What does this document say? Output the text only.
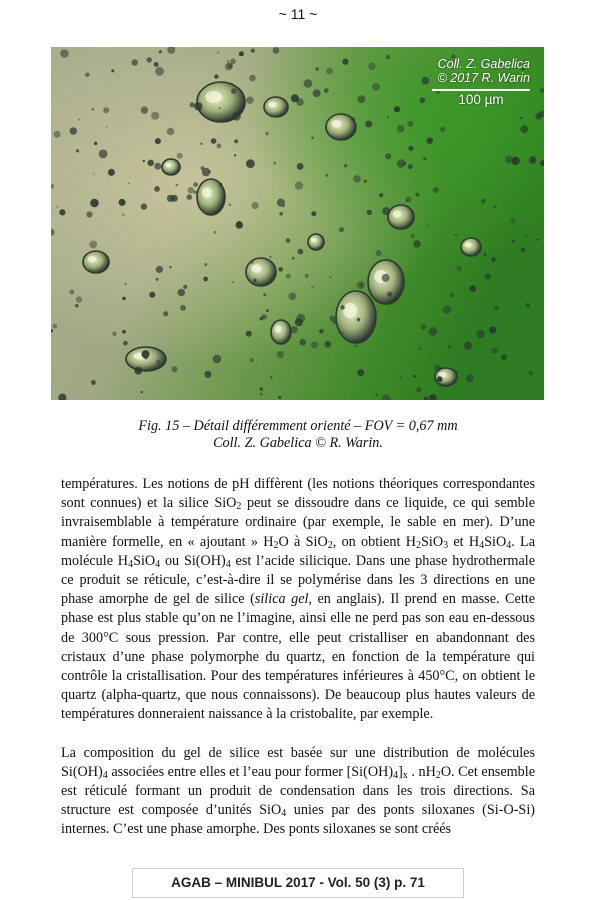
~ 11 ~
Coll. Z. Gabelica
© 2017 R. Warin
100 µm
Fig. 15 – Détail différemment orienté – FOV = 0,67 mm
Coll. Z. Gabelica © R. Warin.

températures. Les notions de pH diffèrent (les notions théoriques correspondantes sont connues) et la silice SiO$_2$ peut se dissoudre dans ce liquide, ce qui semble invraisemblable à température ordinaire (par exemple, le sable en mer). D’une manière formelle, en « ajoutant » $H_2O$ à SiO$_2$, on obtient $H_2SiO_3$ et $H_4SiO_4$. La molécule $H_4SiO_4$ ou $Si(OH)_4$ est l’acide silicique. Dans une phase hydrothermale ce produit se réticule, c’est-à-dire il se polymérise dans les 3 directions en une phase amorphe de gel de silice (silica gel, en anglais). Il prend en masse. Cette phase est plus stable qu’on ne l’imagine, ainsi elle ne perd pas son eau en-dessous de 300°C sous pression. Par contre, elle peut cristalliser en abandonnant des cristaux d’une phase polymorphe du quartz, en fonction de la température qui contrôle la cristallisation. Pour des températures inférieures à 450°C, on obtient le quartz (alpha-quartz, que nous connaissons). De beaucoup plus hautes valeurs de températures donneraient naissance à la cristobalite, par exemple.

La composition du gel de silice est basée sur une distribution de molécules $Si(OH)_4$ associées entre elles et l’eau pour former $[Si(OH)_4]_x$ . $nH_2O$. Cet ensemble est réticulé formant un produit de condensation dans les trois directions. Sa structure est composée d’unités SiO$_4$ unies par des ponts siloxanes (Si-O-Si) internes. C’est une phase amorphe. Des ponts siloxanes se sont créés

AGAB – MINIBUL 2017 - Vol. 50 (3) p. 71
